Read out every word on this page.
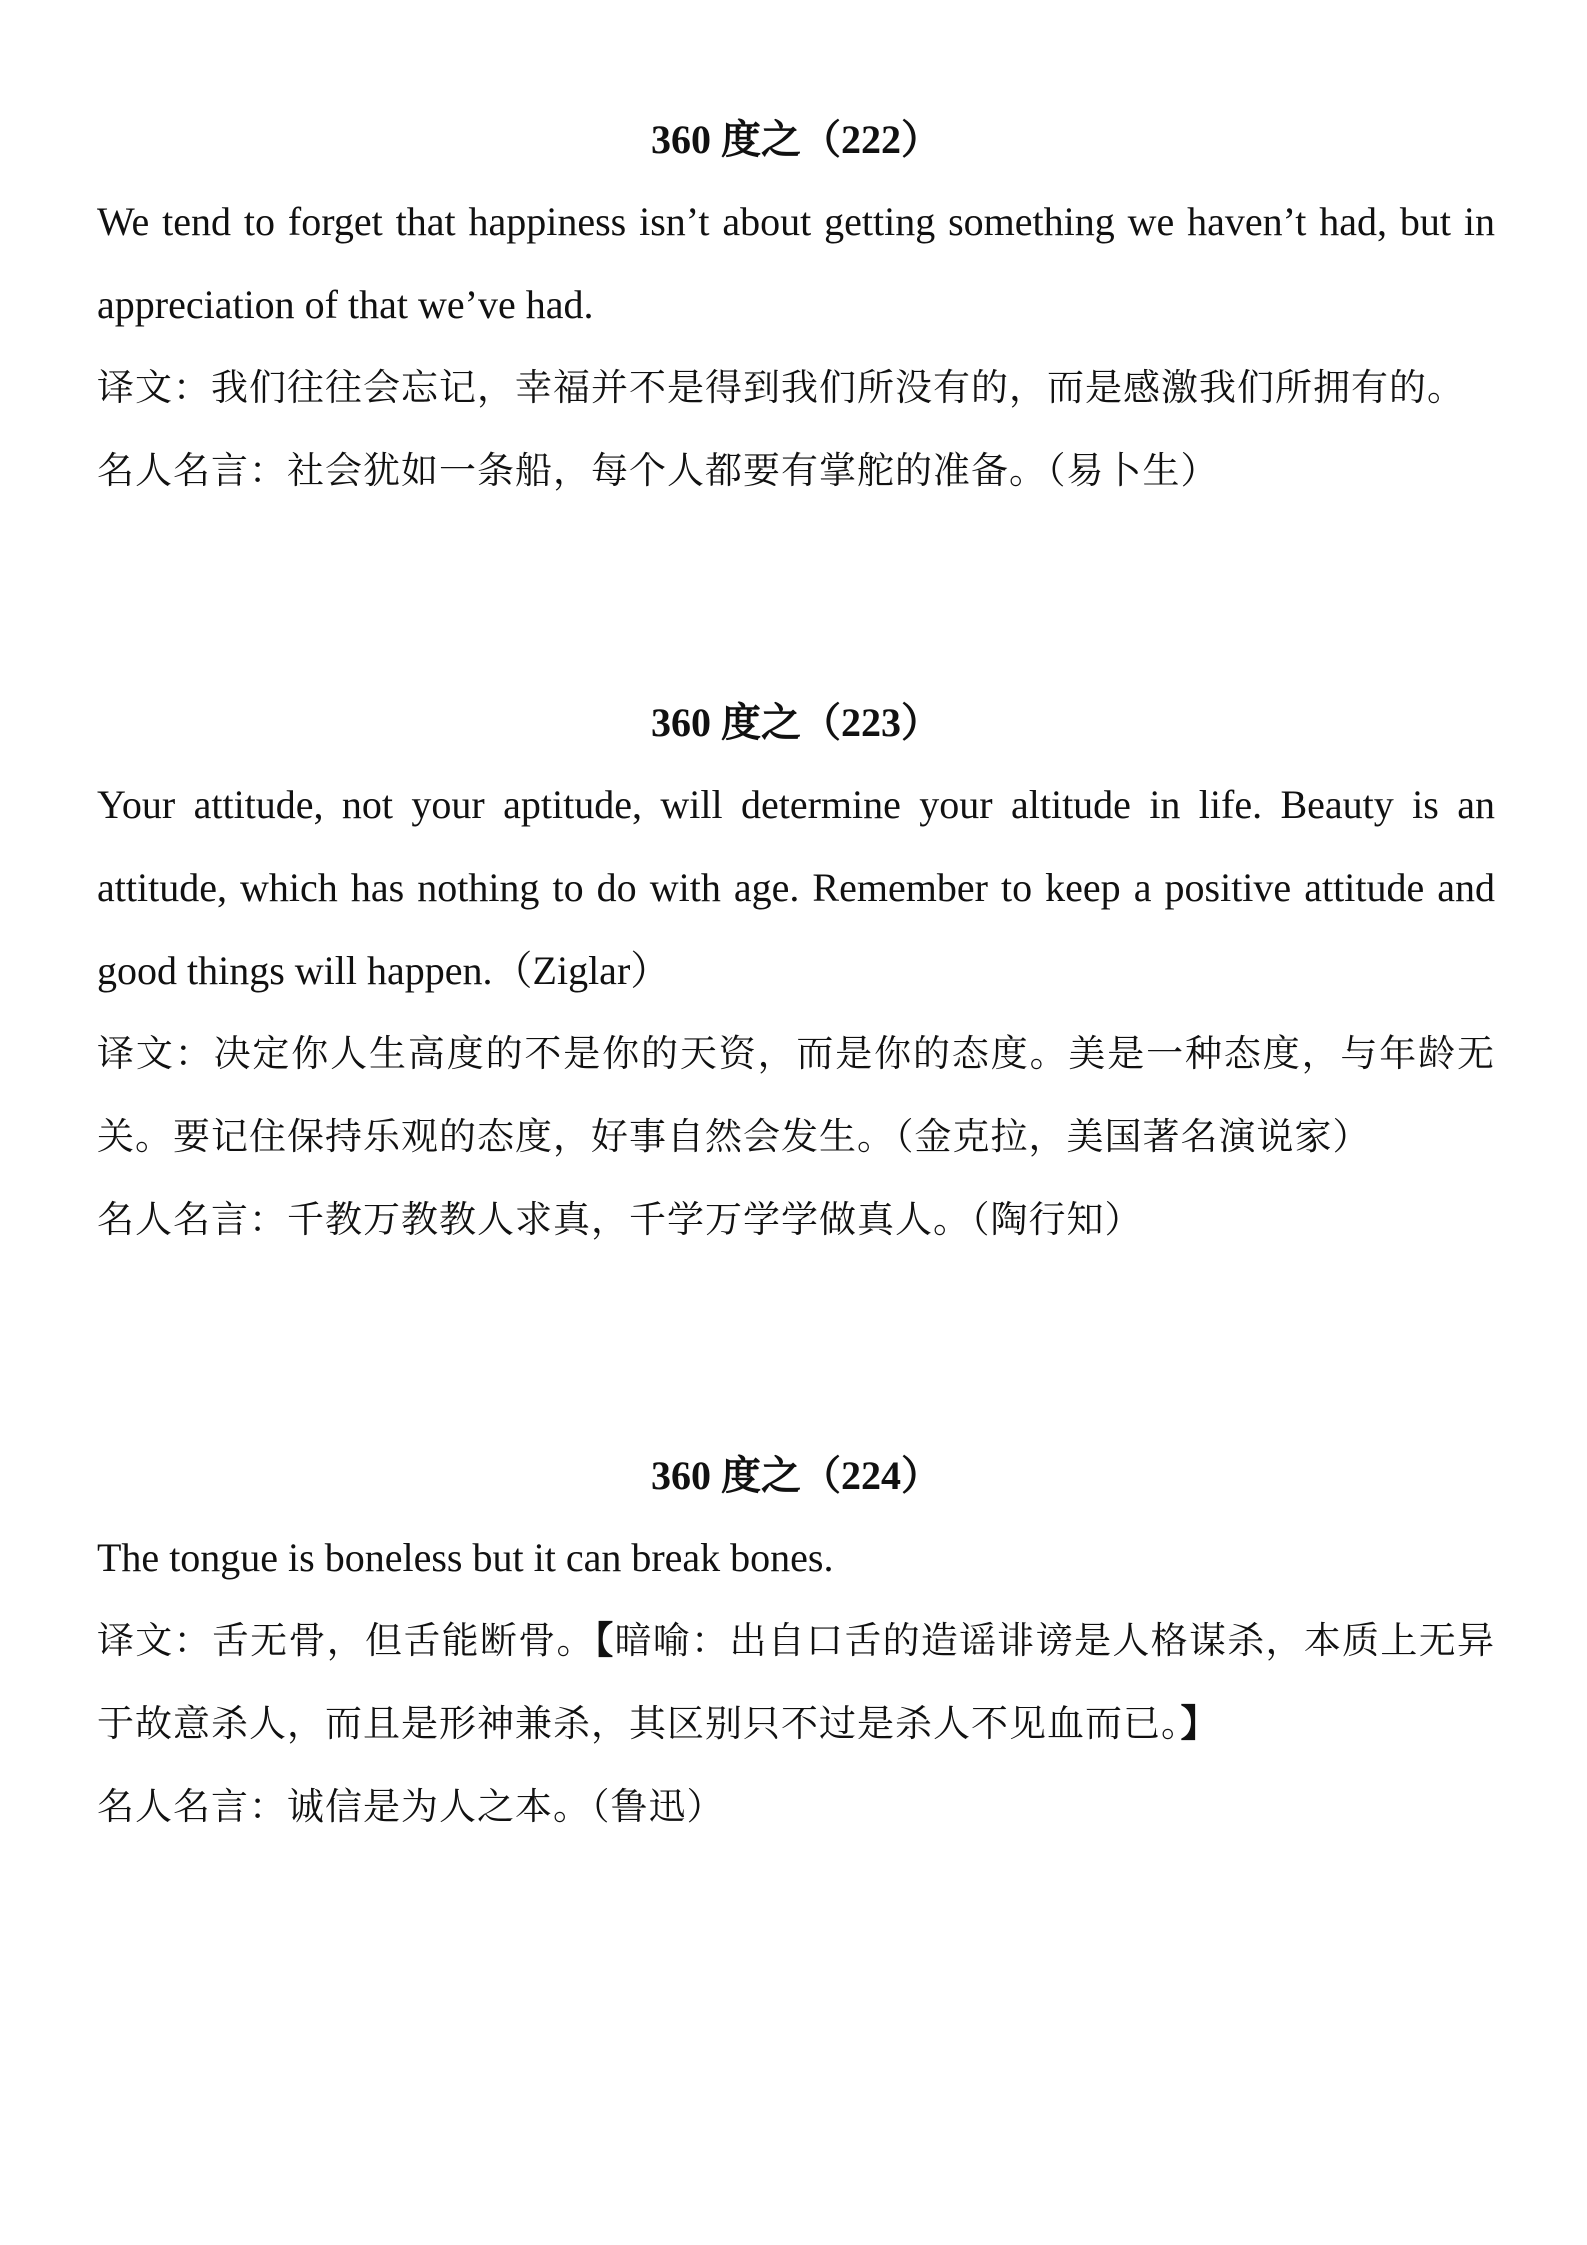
360 度之（222）
We tend to forget that happiness isn’t about getting something we haven’t had, but in appreciation of that we’ve had.
译文：我们往往会忘记，幸福并不是得到我们所没有的，而是感激我们所拥有的。
名人名言：社会犹如一条船，每个人都要有掌舵的准备。（易卜生）
360 度之（223）
Your attitude, not your aptitude, will determine your altitude in life. Beauty is an attitude, which has nothing to do with age. Remember to keep a positive attitude and good things will happen.（Ziglar）
译文：决定你人生高度的不是你的天资，而是你的态度。美是一种态度，与年龄无关。要记住保持乐观的态度，好事自然会发生。（金克拉，美国著名演说家）
名人名言：千教万教教人求真，千学万学学做真人。（陶行知）
360 度之（224）
The tongue is boneless but it can break bones.
译文：舌无骨，但舌能断骨。【暗喻：出自口舌的造谣诽谤是人格谋杀，本质上无异于故意杀人，而且是形神兼杀，其区别只不过是杀人不见血而已。】
名人名言：诚信是为人之本。（鲁迅）
